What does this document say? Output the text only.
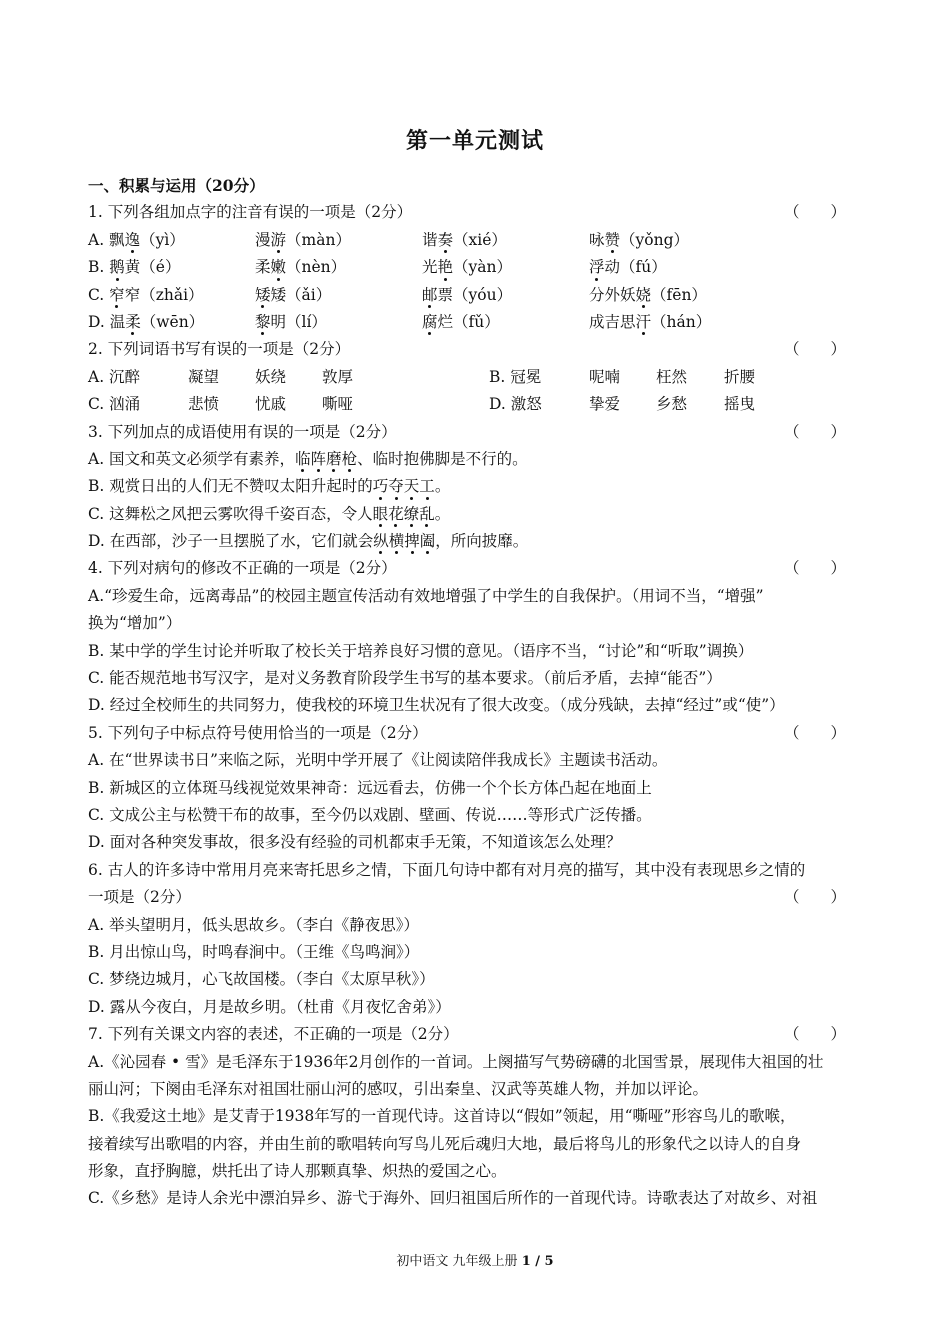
第一单元测试
一、积累与运用（20分）
1. 下列各组加点字的注音有误的一项是（2分）	（　　）
A. 飘逸（yì）	漫游（màn）	谐奏（xié）	咏赞（yǒng）
B. 鹅黄（é）	柔嫩（nèn）	光艳（yàn）	浮动（fú）
C. 窄窄（zhǎi）	矮矮（ǎi）	邮票（yóu）	分外妖娆（fēn）
D. 温柔（wēn）	黎明（lí）	腐烂（fǔ）	成吉思汗（hán）
2. 下列词语书写有误的一项是（2分）	（　　）
A. 沉醉	凝望 妖绕 敦厚	B. 冠冕	呢喃 枉然 折腰
C. 汹涌	悲愤 忧戚 嘶哑	D. 激怒	挚爱 乡愁 摇曳
3. 下列加点的成语使用有误的一项是（2分）	（　　）
A. 国文和英文必须学有素养，临阵磨枪、临时抱佛脚是不行的。
B. 观赏日出的人们无不赞叹太阳升起时的巧夺天工。
C. 这舞松之风把云雾吹得千姿百态，令人眼花缭乱。
D. 在西部，沙子一旦摆脱了水，它们就会纵横捭阖，所向披靡。
4. 下列对病句的修改不正确的一项是（2分）	（　　）
A.“珍爱生命，远离毒品”的校园主题宣传活动有效地增强了中学生的自我保护。（用词不当，“增强”
换为“增加”）
B. 某中学的学生讨论并听取了校长关于培养良好习惯的意见。（语序不当，“讨论”和“听取”调换）
C. 能否规范地书写汉字，是对义务教育阶段学生书写的基本要求。（前后矛盾，去掉“能否”）
D. 经过全校师生的共同努力，使我校的环境卫生状况有了很大改变。（成分残缺，去掉“经过”或“使”）
5. 下列句子中标点符号使用恰当的一项是（2分）	（　　）
A. 在“世界读书日”来临之际，光明中学开展了《让阅读陪伴我成长》主题读书活动。
B. 新城区的立体斑马线视觉效果神奇：远远看去，仿佛一个个长方体凸起在地面上
C. 文成公主与松赞干布的故事，至今仍以戏剧、壁画、传说……等形式广泛传播。
D. 面对各种突发事故，很多没有经验的司机都束手无策，不知道该怎么处理？
6. 古人的许多诗中常用月亮来寄托思乡之情，下面几句诗中都有对月亮的描写，其中没有表现思乡之情的
一项是（2分）	（　　）
A. 举头望明月，低头思故乡。（李白《静夜思》）
B. 月出惊山鸟，时鸣春涧中。（王维《鸟鸣涧》）
C. 梦绕边城月，心飞故国楼。（李白《太原早秋》）
D. 露从今夜白，月是故乡明。（杜甫《月夜忆舍弟》）
7. 下列有关课文内容的表述，不正确的一项是（2分）	（　　）
A.《沁园春 • 雪》是毛泽东于1936年2月创作的一首词。上阕描写气势磅礴的北国雪景，展现伟大祖国的壮
丽山河；下阕由毛泽东对祖国壮丽山河的感叹，引出秦皇、汉武等英雄人物，并加以评论。
B.《我爱这土地》是艾青于1938年写的一首现代诗。这首诗以“假如”领起，用“嘶哑”形容鸟儿的歌喉，
接着续写出歌唱的内容，并由生前的歌唱转向写鸟儿死后魂归大地，最后将鸟儿的形象代之以诗人的自身
形象，直抒胸臆，烘托出了诗人那颗真挚、炽热的爱国之心。
C.《乡愁》是诗人余光中漂泊异乡、游弋于海外、回归祖国后所作的一首现代诗。诗歌表达了对故乡、对祖
初中语文 九年级上册 1 / 5
